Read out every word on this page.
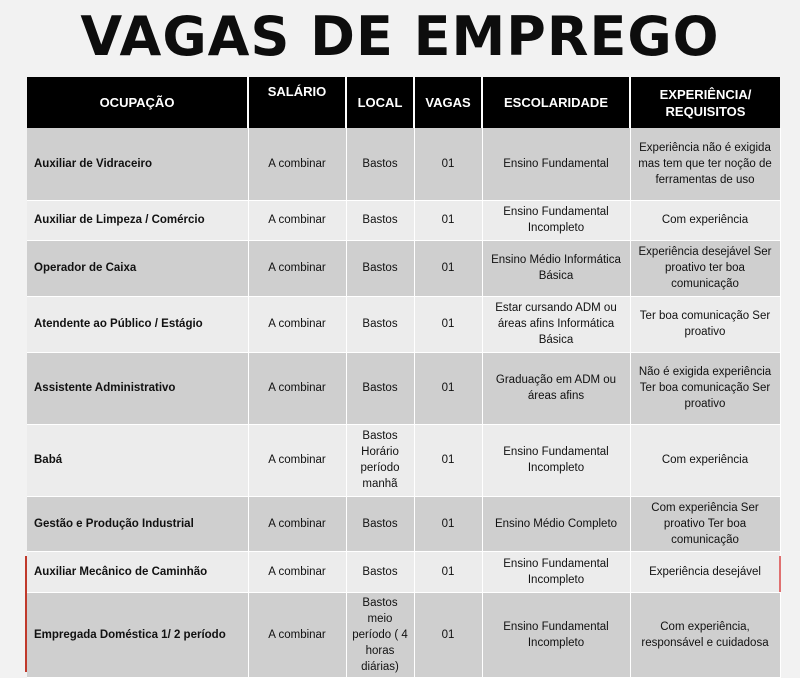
VAGAS DE EMPREGO
OCUPAÇÃO	SALÁRIO	LOCAL	VAGAS	ESCOLARIDADE	EXPERIÊNCIA/ REQUISITOS
Auxiliar de Vidraceiro	A combinar	Bastos	01	Ensino Fundamental	Experiência não é exigida mas tem que ter noção de ferramentas de uso
Auxiliar de Limpeza / Comércio	A combinar	Bastos	01	Ensino Fundamental Incompleto	Com experiência
Operador de Caixa	A combinar	Bastos	01	Ensino Médio Informática Básica	Experiência desejável Ser proativo ter boa comunicação
Atendente ao Público / Estágio	A combinar	Bastos	01	Estar cursando ADM ou áreas afins Informática Básica	Ter boa comunicação Ser proativo
Assistente Administrativo	A combinar	Bastos	01	Graduação em ADM ou áreas afins	Não é exigida experiência Ter boa comunicação Ser proativo
Babá	A combinar	Bastos Horário período manhã	01	Ensino Fundamental Incompleto	Com experiência
Gestão e Produção Industrial	A combinar	Bastos	01	Ensino Médio Completo	Com experiência Ser proativo Ter boa comunicação
Auxiliar Mecânico de Caminhão	A combinar	Bastos	01	Ensino Fundamental Incompleto	Experiência desejável
Empregada Doméstica 1/ 2 período	A combinar	Bastos meio período ( 4 horas diárias)	01	Ensino Fundamental Incompleto	Com experiência, responsável e cuidadosa
